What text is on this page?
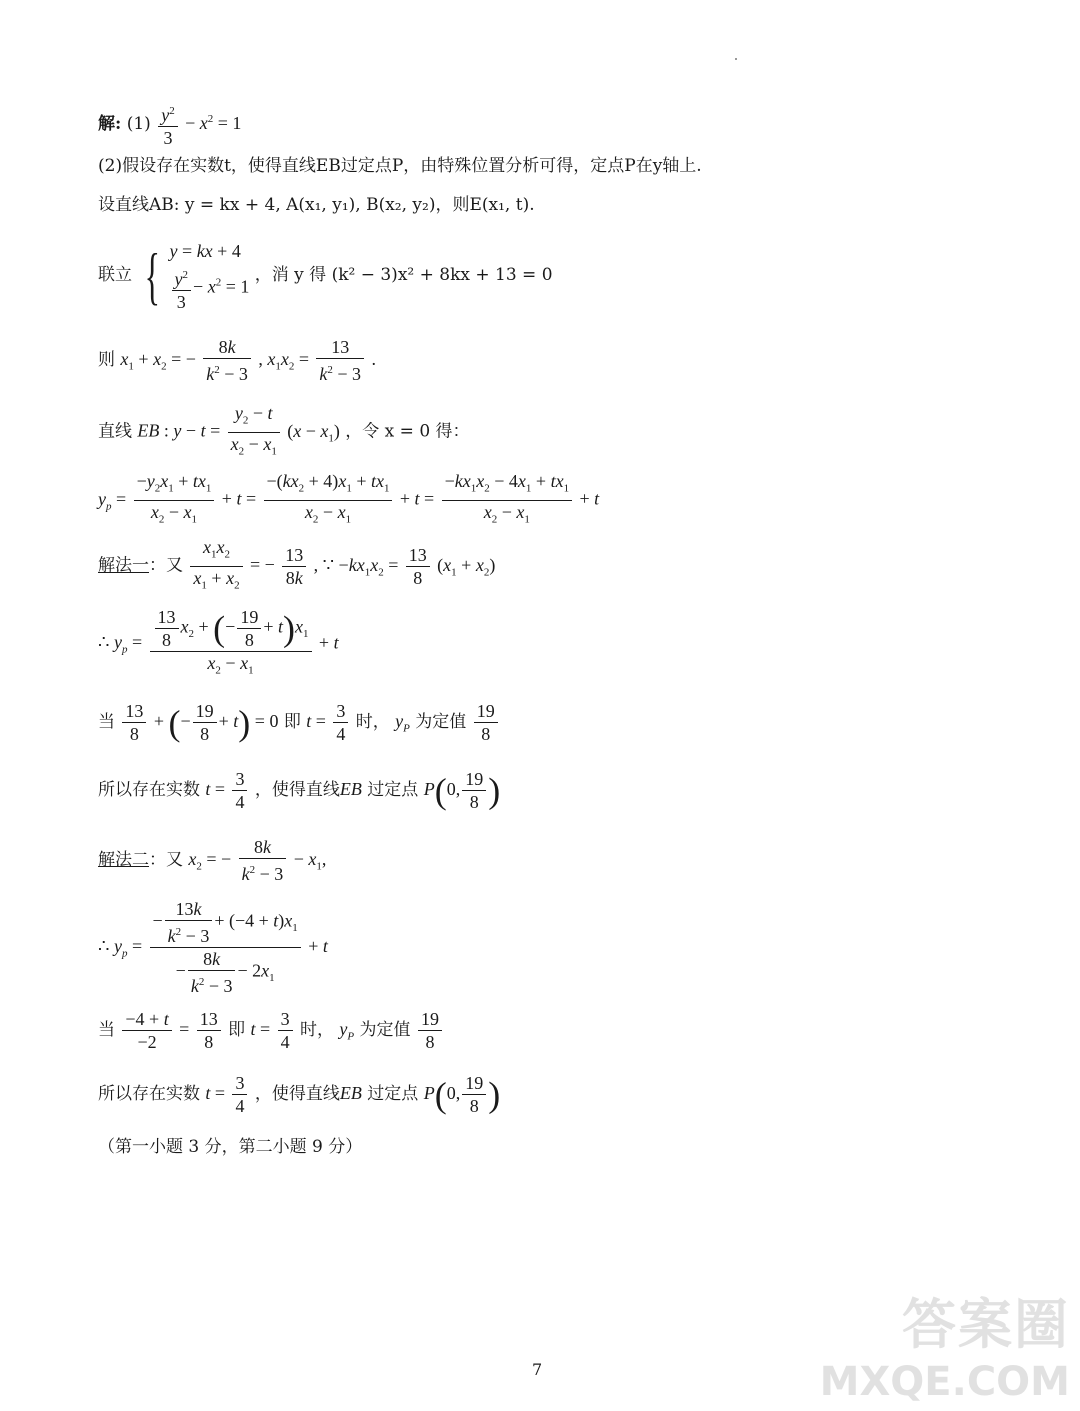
解: $(1) \frac{y^2}{3} - x^2 = 1$
(2)假设存在实数t，使得直线EB过定点P，由特殊位置分析可得，定点P在y轴上.
设直线AB: y = kx + 4, A(x₁, y₁), B(x₂, y₂)，则E(x₁, t).
联立 { y = kx + 4
$\frac{y^2}{3} - x^2 = 1$
，消 y 得 (k² − 3)x² + 8kx + 13 = 0
则 $x_1 + x_2$ = − $\frac{8k}{k^2 - 3}$ , $x_1x_2 = \frac{13}{k^2 - 3}$ .
直线 EB : $y - t = \frac{y_2 - t}{x_2 - x_1} (x - x_1)$ ，令 x = 0 得：
$y_p = \frac{-y_2x_1 + tx_1}{x_2 - x_1} + t = \frac{-(kx_2 + 4)x_1 + tx_1}{x_2 - x_1} + t = \frac{-kx_1x_2 - 4x_1 + tx_1}{x_2 - x_1} + t$
解法一：又 $\frac{x_1x_2}{x_1 + x_2}$ = − $\frac{13}{8k}$ , ∵ $-kx_1x_2 = \frac{13}{8} (x_1 + x_2)$
∴ $y_p = \frac{\frac{13}{8} x_2 + (- \frac{19}{8} + t)x_1}{x_2 - x_1} + t$
当 $\frac{13}{8}$ + (− $\frac{19}{8} + t) = 0$ 即 $t = \frac{3}{4}$ 时， $y_P$ 为定值 $\frac{19}{8}$
所以存在实数 $t = \frac{3}{4}$ ，使得直线EB 过定点 P(0, $\frac{19}{8}$ )
解法二：又 $x_2$ = − $\frac{8k}{k^2 - 3} - x_1$,
∴ $y_p = \frac{- \frac{13k}{k^2 - 3} + (-4 + t)x_1}{- \frac{8k}{k^2 - 3} - 2x_1} + t$
当 $\frac{-4 + t}{-2} = \frac{13}{8}$ 即 $t = \frac{3}{4}$ 时， $y_P$ 为定值 $\frac{19}{8}$
所以存在实数 $t = \frac{3}{4}$ ，使得直线EB 过定点 P(0, $\frac{19}{8}$ )
（第一小题 3 分，第二小题 9 分）
7
答案圈
MXQE.COM
